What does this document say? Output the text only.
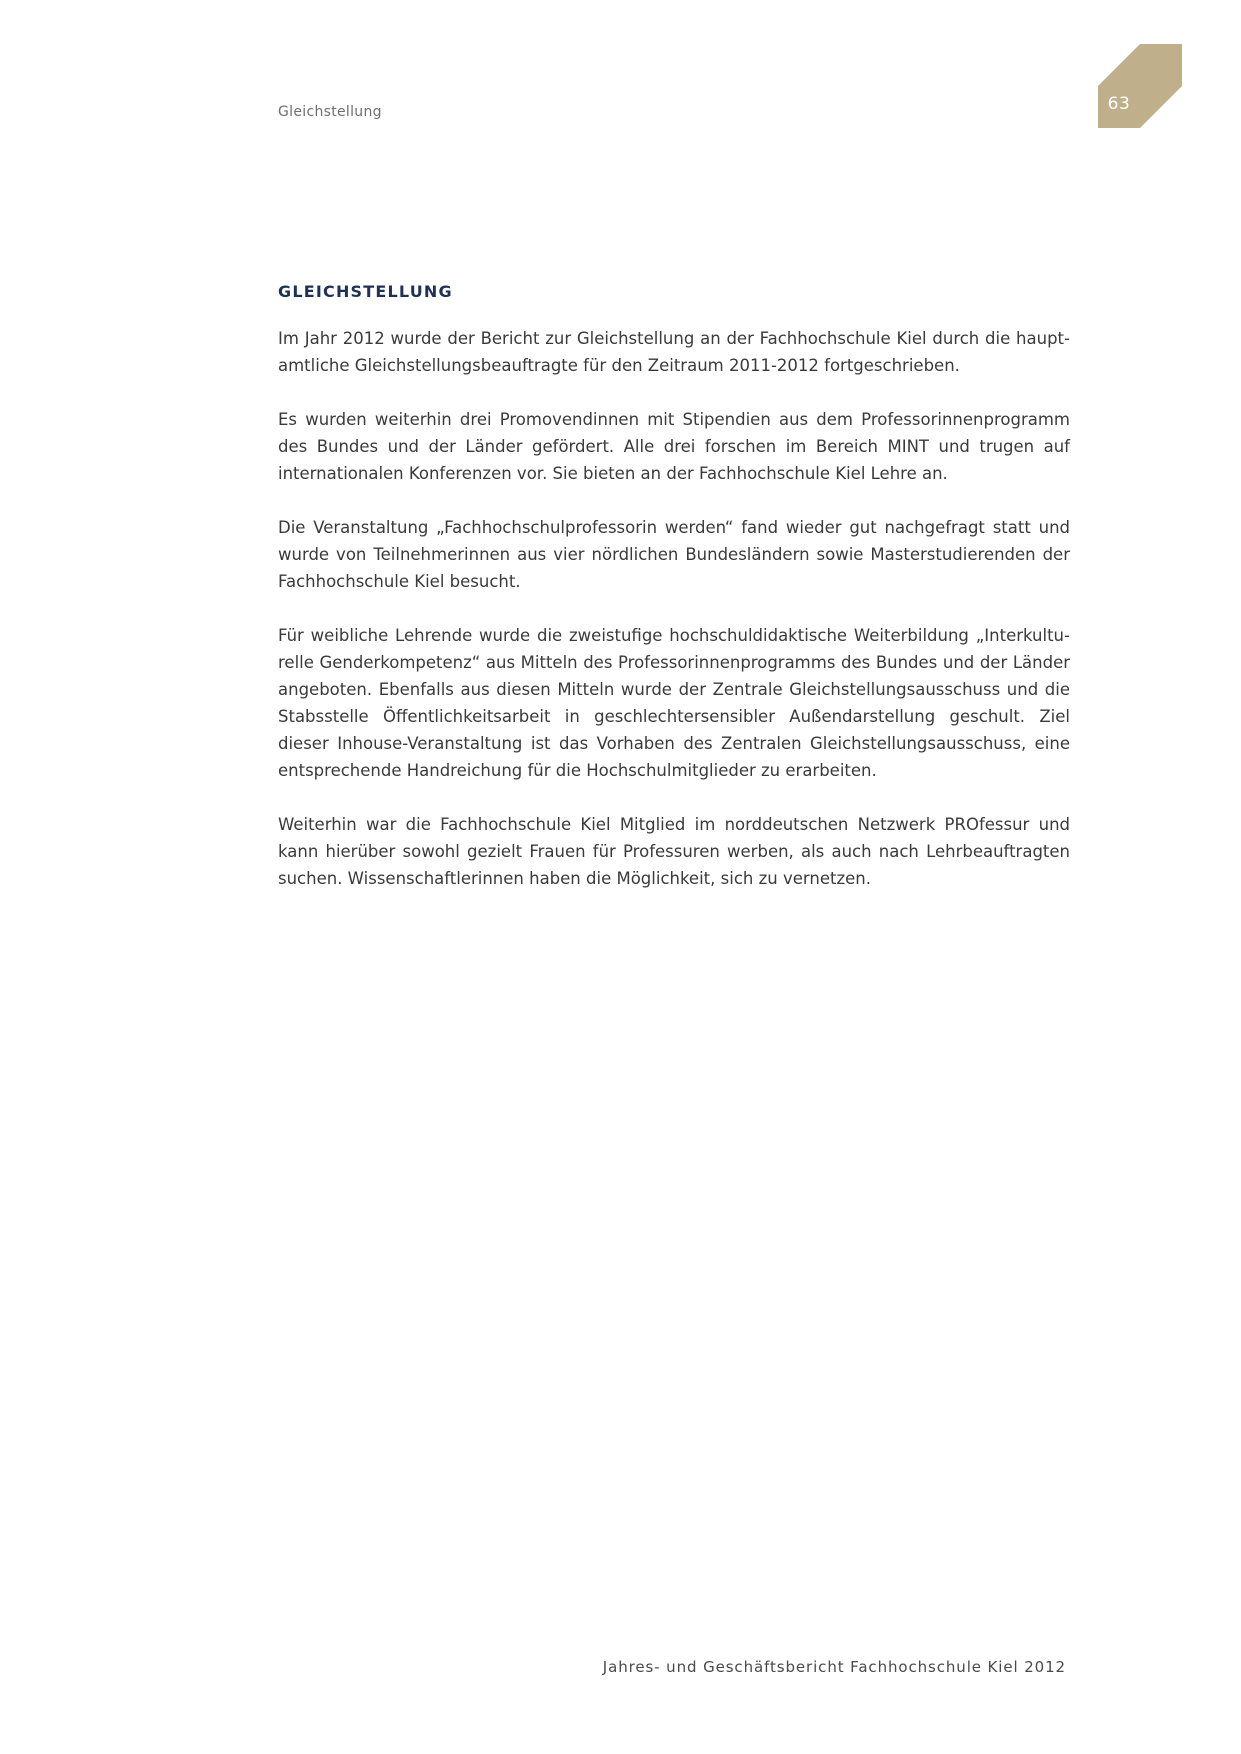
Gleichstellung	63
GLEICHSTELLUNG

Im Jahr 2012 wurde der Bericht zur Gleichstellung an der Fachhochschule Kiel durch die hauptamtliche Gleichstellungsbeauftragte für den Zeitraum 2011-2012 fortgeschrieben.

Es wurden weiterhin drei Promovendinnen mit Stipendien aus dem Professorinnenprogramm des Bundes und der Länder gefördert. Alle drei forschen im Bereich MINT und trugen auf internationalen Konferenzen vor. Sie bieten an der Fachhochschule Kiel Lehre an.

Die Veranstaltung „Fachhochschulprofessorin werden“ fand wieder gut nachgefragt statt und wurde von Teilnehmerinnen aus vier nördlichen Bundesländern sowie Masterstudierenden der Fachhochschule Kiel besucht.

Für weibliche Lehrende wurde die zweistufige hochschuldidaktische Weiterbildung „Interkulturelle Genderkompetenz“ aus Mitteln des Professorinnenprogramms des Bundes und der Länder angeboten. Ebenfalls aus diesen Mitteln wurde der Zentrale Gleichstellungsausschuss und die Stabsstelle Öffentlichkeitsarbeit in geschlechtersensibler Außendarstellung geschult. Ziel dieser Inhouse-Veranstaltung ist das Vorhaben des Zentralen Gleichstellungsausschuss, eine entsprechende Handreichung für die Hochschulmitglieder zu erarbeiten.

Weiterhin war die Fachhochschule Kiel Mitglied im norddeutschen Netzwerk PROfessur und kann hierüber sowohl gezielt Frauen für Professuren werben, als auch nach Lehrbeauftragten suchen. Wissenschaftlerinnen haben die Möglichkeit, sich zu vernetzen.

Jahres- und Geschäftsbericht Fachhochschule Kiel 2012
